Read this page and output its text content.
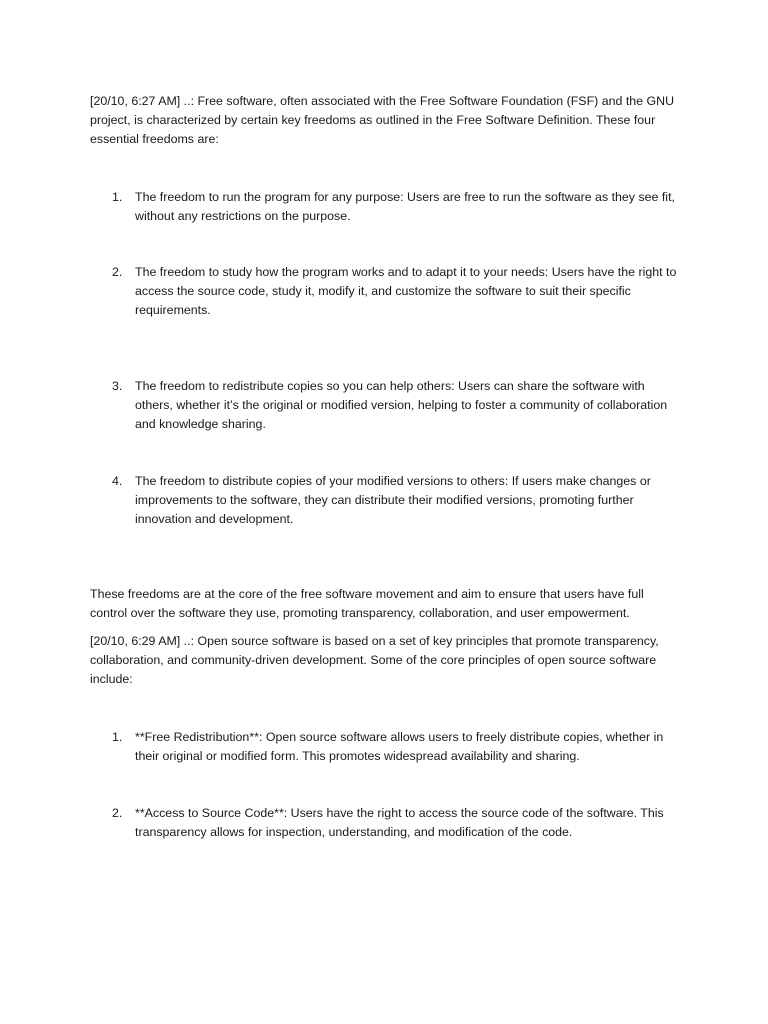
[20/10, 6:27 AM] ..: Free software, often associated with the Free Software Foundation (FSF) and the GNU project, is characterized by certain key freedoms as outlined in the Free Software Definition. These four essential freedoms are:

1. The freedom to run the program for any purpose: Users are free to run the software as they see fit, without any restrictions on the purpose.
2. The freedom to study how the program works and to adapt it to your needs: Users have the right to access the source code, study it, modify it, and customize the software to suit their specific requirements.
3. The freedom to redistribute copies so you can help others: Users can share the software with others, whether it’s the original or modified version, helping to foster a community of collaboration and knowledge sharing.
4. The freedom to distribute copies of your modified versions to others: If users make changes or improvements to the software, they can distribute their modified versions, promoting further innovation and development.

These freedoms are at the core of the free software movement and aim to ensure that users have full control over the software they use, promoting transparency, collaboration, and user empowerment.

[20/10, 6:29 AM] ..: Open source software is based on a set of key principles that promote transparency, collaboration, and community-driven development. Some of the core principles of open source software include:

1. **Free Redistribution**: Open source software allows users to freely distribute copies, whether in their original or modified form. This promotes widespread availability and sharing.
2. **Access to Source Code**: Users have the right to access the source code of the software. This transparency allows for inspection, understanding, and modification of the code.
